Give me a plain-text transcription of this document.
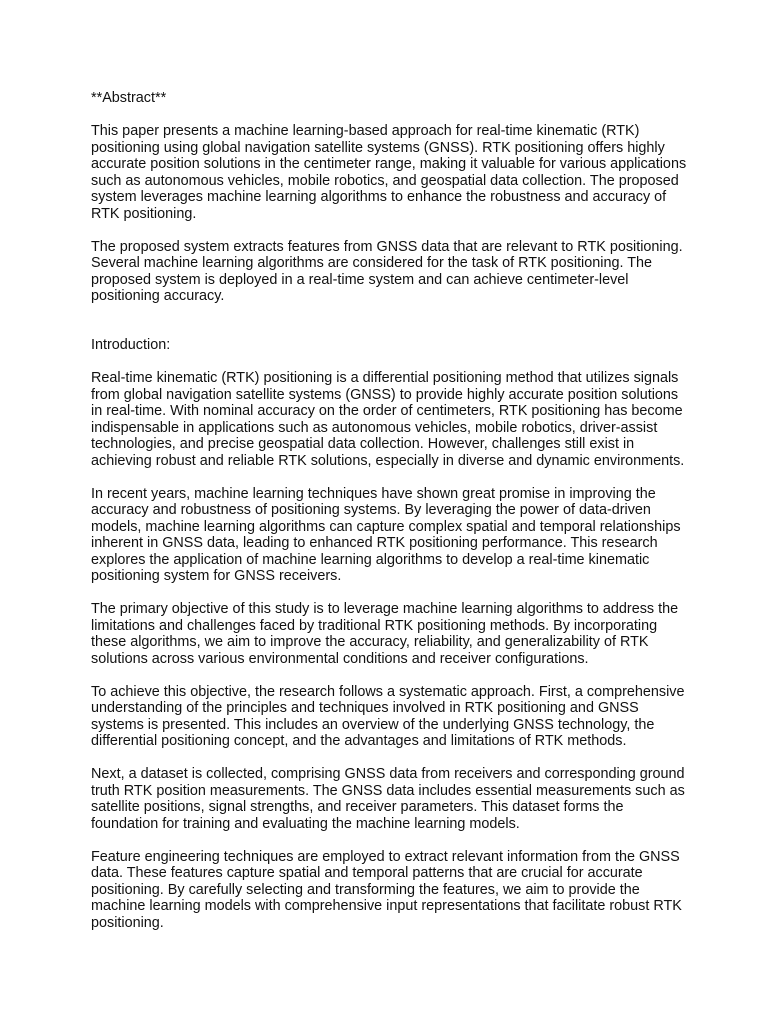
**Abstract**

This paper presents a machine learning-based approach for real-time kinematic (RTK) positioning using global navigation satellite systems (GNSS). RTK positioning offers highly accurate position solutions in the centimeter range, making it valuable for various applications such as autonomous vehicles, mobile robotics, and geospatial data collection. The proposed system leverages machine learning algorithms to enhance the robustness and accuracy of RTK positioning.

The proposed system extracts features from GNSS data that are relevant to RTK positioning. Several machine learning algorithms are considered for the task of RTK positioning. The proposed system is deployed in a real-time system and can achieve centimeter-level positioning accuracy.

Introduction:

Real-time kinematic (RTK) positioning is a differential positioning method that utilizes signals from global navigation satellite systems (GNSS) to provide highly accurate position solutions in real-time. With nominal accuracy on the order of centimeters, RTK positioning has become indispensable in applications such as autonomous vehicles, mobile robotics, driver-assist technologies, and precise geospatial data collection. However, challenges still exist in achieving robust and reliable RTK solutions, especially in diverse and dynamic environments.

In recent years, machine learning techniques have shown great promise in improving the accuracy and robustness of positioning systems. By leveraging the power of data-driven models, machine learning algorithms can capture complex spatial and temporal relationships inherent in GNSS data, leading to enhanced RTK positioning performance. This research explores the application of machine learning algorithms to develop a real-time kinematic positioning system for GNSS receivers.

The primary objective of this study is to leverage machine learning algorithms to address the limitations and challenges faced by traditional RTK positioning methods. By incorporating these algorithms, we aim to improve the accuracy, reliability, and generalizability of RTK solutions across various environmental conditions and receiver configurations.

To achieve this objective, the research follows a systematic approach. First, a comprehensive understanding of the principles and techniques involved in RTK positioning and GNSS systems is presented. This includes an overview of the underlying GNSS technology, the differential positioning concept, and the advantages and limitations of RTK methods.

Next, a dataset is collected, comprising GNSS data from receivers and corresponding ground truth RTK position measurements. The GNSS data includes essential measurements such as satellite positions, signal strengths, and receiver parameters. This dataset forms the foundation for training and evaluating the machine learning models.

Feature engineering techniques are employed to extract relevant information from the GNSS data. These features capture spatial and temporal patterns that are crucial for accurate positioning. By carefully selecting and transforming the features, we aim to provide the machine learning models with comprehensive input representations that facilitate robust RTK positioning.
